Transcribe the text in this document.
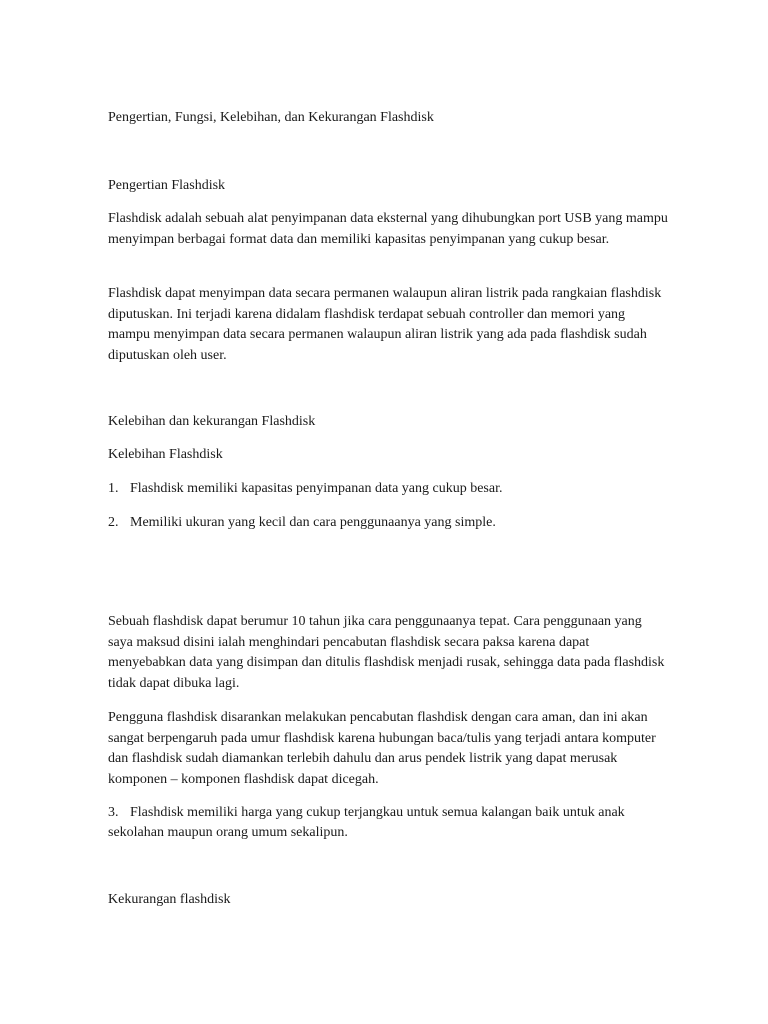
Pengertian, Fungsi, Kelebihan, dan Kekurangan Flashdisk

Pengertian Flashdisk

Flashdisk adalah sebuah alat penyimpanan data eksternal yang dihubungkan port USB yang mampu menyimpan berbagai format data dan memiliki kapasitas penyimpanan yang cukup besar.

Flashdisk dapat menyimpan data secara permanen walaupun aliran listrik pada rangkaian flashdisk diputuskan. Ini terjadi karena didalam flashdisk terdapat sebuah controller dan memori yang mampu menyimpan data secara permanen walaupun aliran listrik yang ada pada flashdisk sudah diputuskan oleh user.

Kelebihan dan kekurangan Flashdisk

Kelebihan Flashdisk

1. Flashdisk memiliki kapasitas penyimpanan data yang cukup besar.

2. Memiliki ukuran yang kecil dan cara penggunaanya yang simple.

Sebuah flashdisk dapat berumur 10 tahun jika cara penggunaanya tepat. Cara penggunaan yang saya maksud disini ialah menghindari pencabutan flashdisk secara paksa karena dapat menyebabkan data yang disimpan dan ditulis flashdisk menjadi rusak, sehingga data pada flashdisk tidak dapat dibuka lagi.

Pengguna flashdisk disarankan melakukan pencabutan flashdisk dengan cara aman, dan ini akan sangat berpengaruh pada umur flashdisk karena hubungan baca/tulis yang terjadi antara komputer dan flashdisk sudah diamankan terlebih dahulu dan arus pendek listrik yang dapat merusak komponen – komponen flashdisk dapat dicegah.

3. Flashdisk memiliki harga yang cukup terjangkau untuk semua kalangan baik untuk anak sekolahan maupun orang umum sekalipun.

Kekurangan flashdisk
